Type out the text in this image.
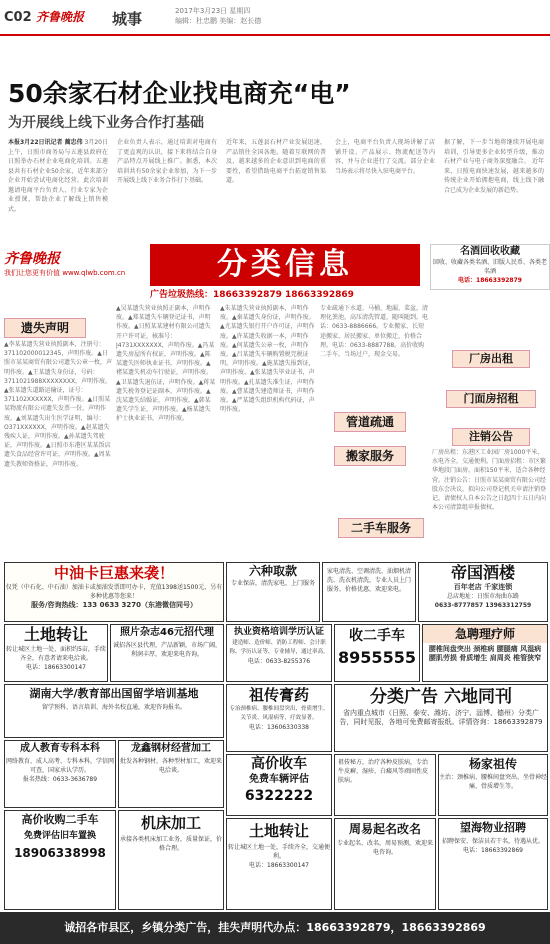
C02 齐鲁晚报 城事	2017年3月23日 星期四
编辑：杜忠鹏 美编：赵长德
50余家石材企业找电商充“电”
为开展线上线下业务合作打基础
本报3月22日讯记者 蔺忠伟 3月20日上午，日照市商务局与五莲县政府在日照举办石材企业电商化培训。五莲县共有石材企业50余家，近年来部分企业开始尝试电商化经营。此次培训邀请电商平台负责人、行业专家为企业授课，帮助企业了解线上销售模式。
企业负责人表示，通过培训对电商有了更直观的认识，接下来将结合自身产品特点开展线上推广。据悉，本次培训共有50余家企业参加，为下一步开展线上线下业务合作打下基础。
近年来，五莲县石材产业发展迅速，产品销往全国各地。随着互联网的普及，越来越多的企业意识到电商的重要性，希望借助电商平台拓宽销售渠道。
会上，电商平台负责人现场讲解了店铺开设、产品展示、物流配送等内容，并与企业进行了交流。部分企业当场表示将尽快入驻电商平台。
据了解，下一步当地将继续开展电商培训，引导更多企业转型升级，推动石材产业与电子商务深度融合。 近年来，日照电商快速发展，越来越多的传统企业开始拥抱电商，线上线下融合已成为企业发展的新趋势。
齐鲁晚报
我们让您更有价值 www.qlwb.com.cn	分类信息
广告垃圾热线：18663392879 18663392869
名酒回收收藏
回收、收藏各类名酒、旧版人民币、各类老名酒
电话：18663392879
遗失声明
▲李某某遗失营业执照副本，注册号：371102000012345，声明作废。▲日照市某某商贸有限公司遗失公章一枚，声明作废。▲王某遗失身份证，号码：3711021988XXXXXXXX，声明作废。▲张某遗失道路运输证，证号：371102XXXXXX，声明作废。▲日照某某物流有限公司遗失发票一份，声明作废。▲刘某遗失出生医学证明，编号：O371XXXXXX，声明作废。▲赵某遗失残疾人证，声明作废。▲孙某遗失驾驶证，声明作废。▲日照市东港区某某饭店遗失食品经营许可证，声明作废。▲周某遗失教师资格证，声明作废。
▲吴某遗失营业执照正副本，声明作废。▲郑某遗失车辆登记证书，声明作废。▲日照某某建材有限公司遗失开户许可证，核准号：J4731XXXXXXX，声明作废。▲冯某遗失房屋所有权证，声明作废。▲陈某遗失医师执业证书，声明作废。▲褚某遗失机动车行驶证，声明作废。▲卫某遗失退伍证，声明作废。▲蒋某遗失税务登记证副本，声明作废。▲沈某遗失结婚证，声明作废。▲韩某遗失学生证，声明作废。▲杨某遗失护士执业证书，声明作废。
▲朱某遗失营业执照副本，声明作废。▲秦某遗失身份证，声明作废。▲尤某遗失银行开户许可证，声明作废。▲许某遗失收据一本，声明作废。▲何某遗失公章一枚，声明作废。▲吕某遗失车辆购置税完税证明，声明作废。▲施某遗失报到证，声明作废。▲张某遗失毕业证书，声明作废。▲孔某遗失准生证，声明作废。▲曹某遗失建造师证书，声明作废。▲严某遗失组织机构代码证，声明作废。
专业疏通下水道、马桶、地漏、菜盆，清理化粪池，高压清洗管道，随叫随到。电话：0633-8886666。专业搬家、长短途搬家、居民搬家、单位搬迁，价格合理。电话：0633-8887788。高价收购二手车，当场过户，现金交易。
管道疏通
搬家服务
二手车服务
厂房出租
门面房招租
注销公告
厂房出租：东港区工业园厂房1000平米，水电齐全，交通便利。门面房招租：市区繁华地段门面房，面积150平米，适合各种经营。注销公告：日照市某某商贸有限公司经股东会决议，拟向公司登记机关申请注销登记，请债权人自本公告之日起四十五日内向本公司清算组申报债权。
中油卡巨惠来袭！
仅凭（中石化、中石油）加油卡或加油发票即可办卡，充值1398送1500元，另有多种优惠等您来！
服务/咨询热线：133 0633 3270（东港微信同号）
六种取款
专业保洁，清洗家电，上门服务
家电清洗、空调清洗、油烟机清洗、洗衣机清洗，专业人员上门服务，价格优惠，欢迎来电。
帝国酒楼
百年老店 千家连锁
总店地址：日照市海曲东路
0633-8777857 13963312759
土地转让
转让城区土地一处，面积约5亩，手续齐全，有意者请来电洽谈。
电话：18663300147
照片杂志46元招代理
诚招各区县代理，产品新颖，市场广阔，利润丰厚，欢迎来电咨询。
执业资格培训学历认证
建造师、造价师、消防工程师、会计职称、学历认证等，专业辅导，通过率高。
电话：0633-8255376
收二手车
8955555
急聘理疗师
腰椎间盘突出 颈椎病 腰腿痛 风湿病 腰肌劳损 骨质增生 肩周炎 椎管狭窄
湖南大学/教育部出国留学培训基地
留学预科、语言培训、海外名校直通，欢迎咨询报名。
祖传膏药
专治颈椎病、腰椎间盘突出、骨质增生、关节炎、风湿病等，疗效显著。
电话：13606330338
分类广告 六地同刊
省内重点城市（日照、泰安、潍坊、济宁、淄博、德州）分类广告，同时见报，各地可免费邮寄报纸。详情咨询：18663392879
成人教育专科本科
网络教育、成人高考、专科本科，学信网可查，国家承认学历。
报名热线：0633-3636789
龙鑫钢材经营加工
批发各种钢材，各种型材加工，欢迎来电洽谈。	高价收车
免费车辆评估
6322222
祖传秘方，治疗各种皮肤病，专治牛皮癣、湿疹、白癜风等顽固性皮肤病。
杨家祖传
主治：颈椎病、腰椎间盘突出、坐骨神经痛、骨质增生等。
高价收购二手车
免费评估旧车置换
18906338998
机床加工
承接各类机床加工业务，质量保证，价格合理。
土地转让
转让城区土地一处，手续齐全，交通便利。
电话：18663300147
周易起名改名
专业起名、改名，周易预测，欢迎来电咨询。
望海物业招聘
招聘保安、保洁员若干名，待遇从优。
电话：18663392869
诚招各市县区，乡镇分类广告，挂失声明代办点：18663392879，18663392869
